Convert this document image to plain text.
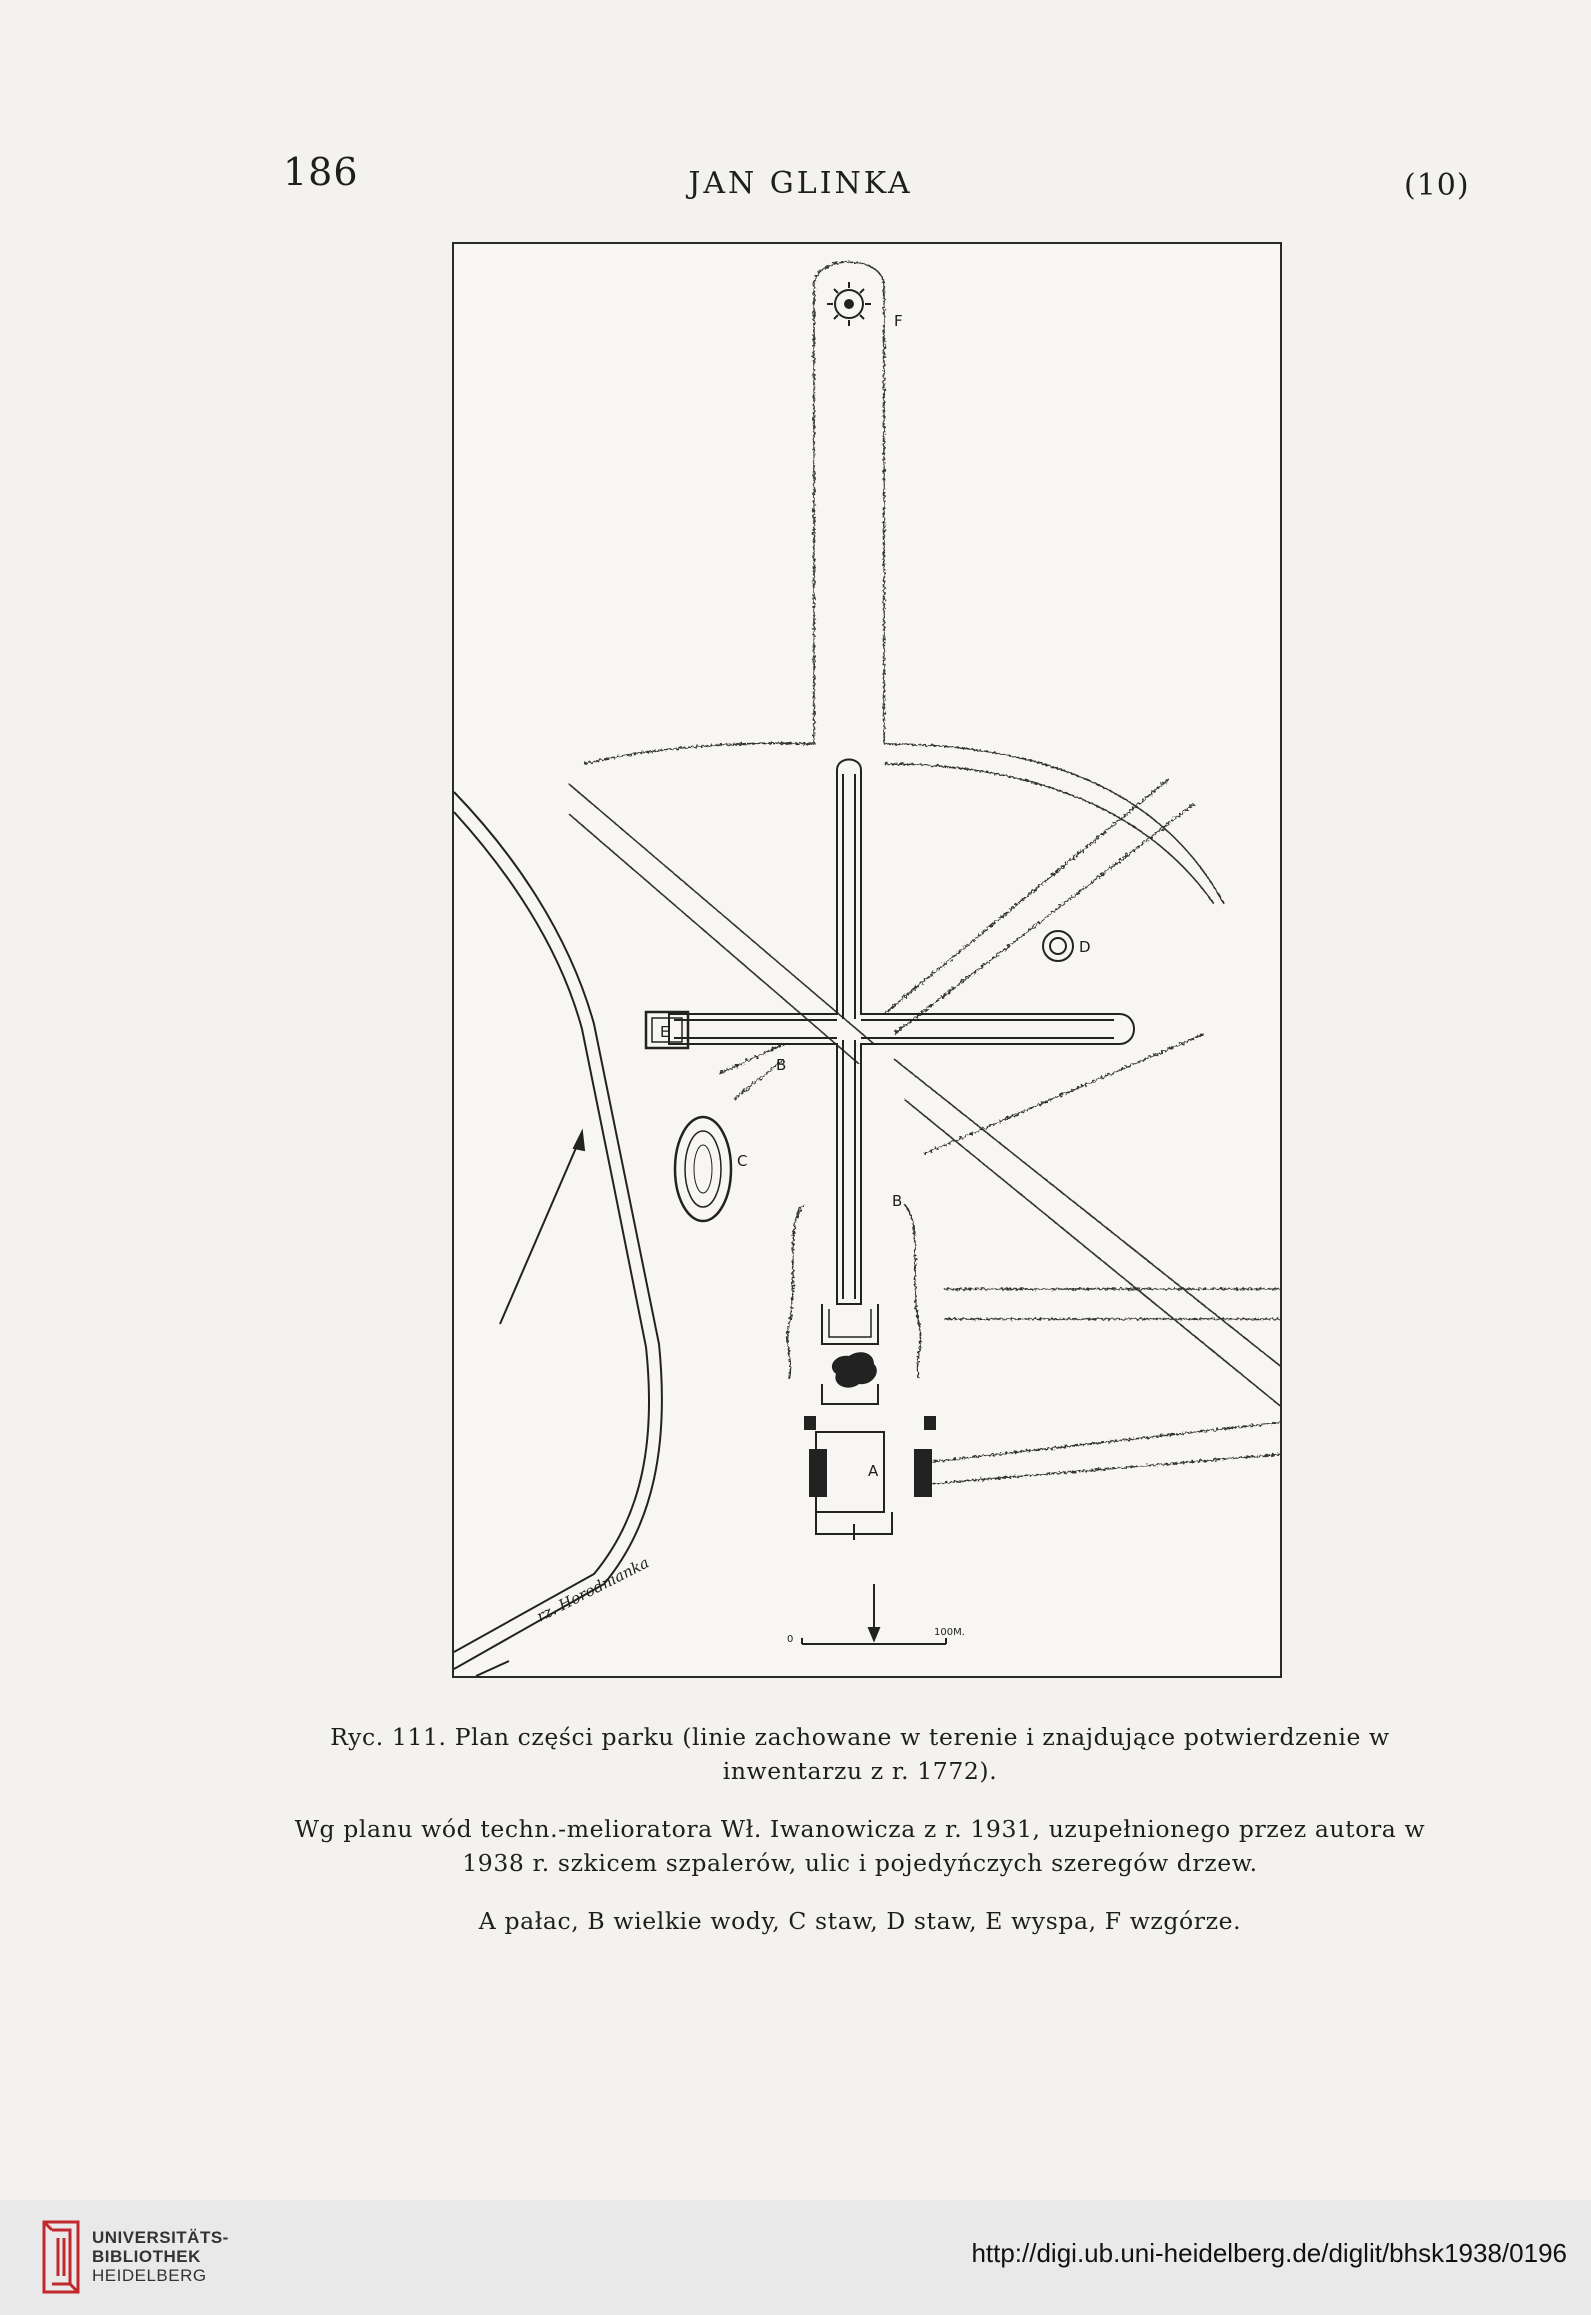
186	JAN GLINKA	(10)
rz. Horodnianka
0
100M.
F
D
E
B
B
C
A

Ryc. 111. Plan części parku (linie zachowane w terenie i znajdujące potwierdzenie w inwentarzu z r. 1772).

Wg planu wód techn.-melioratora Wł. Iwanowicza z r. 1931, uzupełnionego przez autora w 1938 r. szkicem szpalerów, ulic i pojedyńczych szeregów drzew.

A pałac, B wielkie wody, C staw, D staw, E wyspa, F wzgórze.

UNIVERSITÄTS-
BIBLIOTHEK
HEIDELBERG
http://digi.ub.uni-heidelberg.de/diglit/bhsk1938/0196
